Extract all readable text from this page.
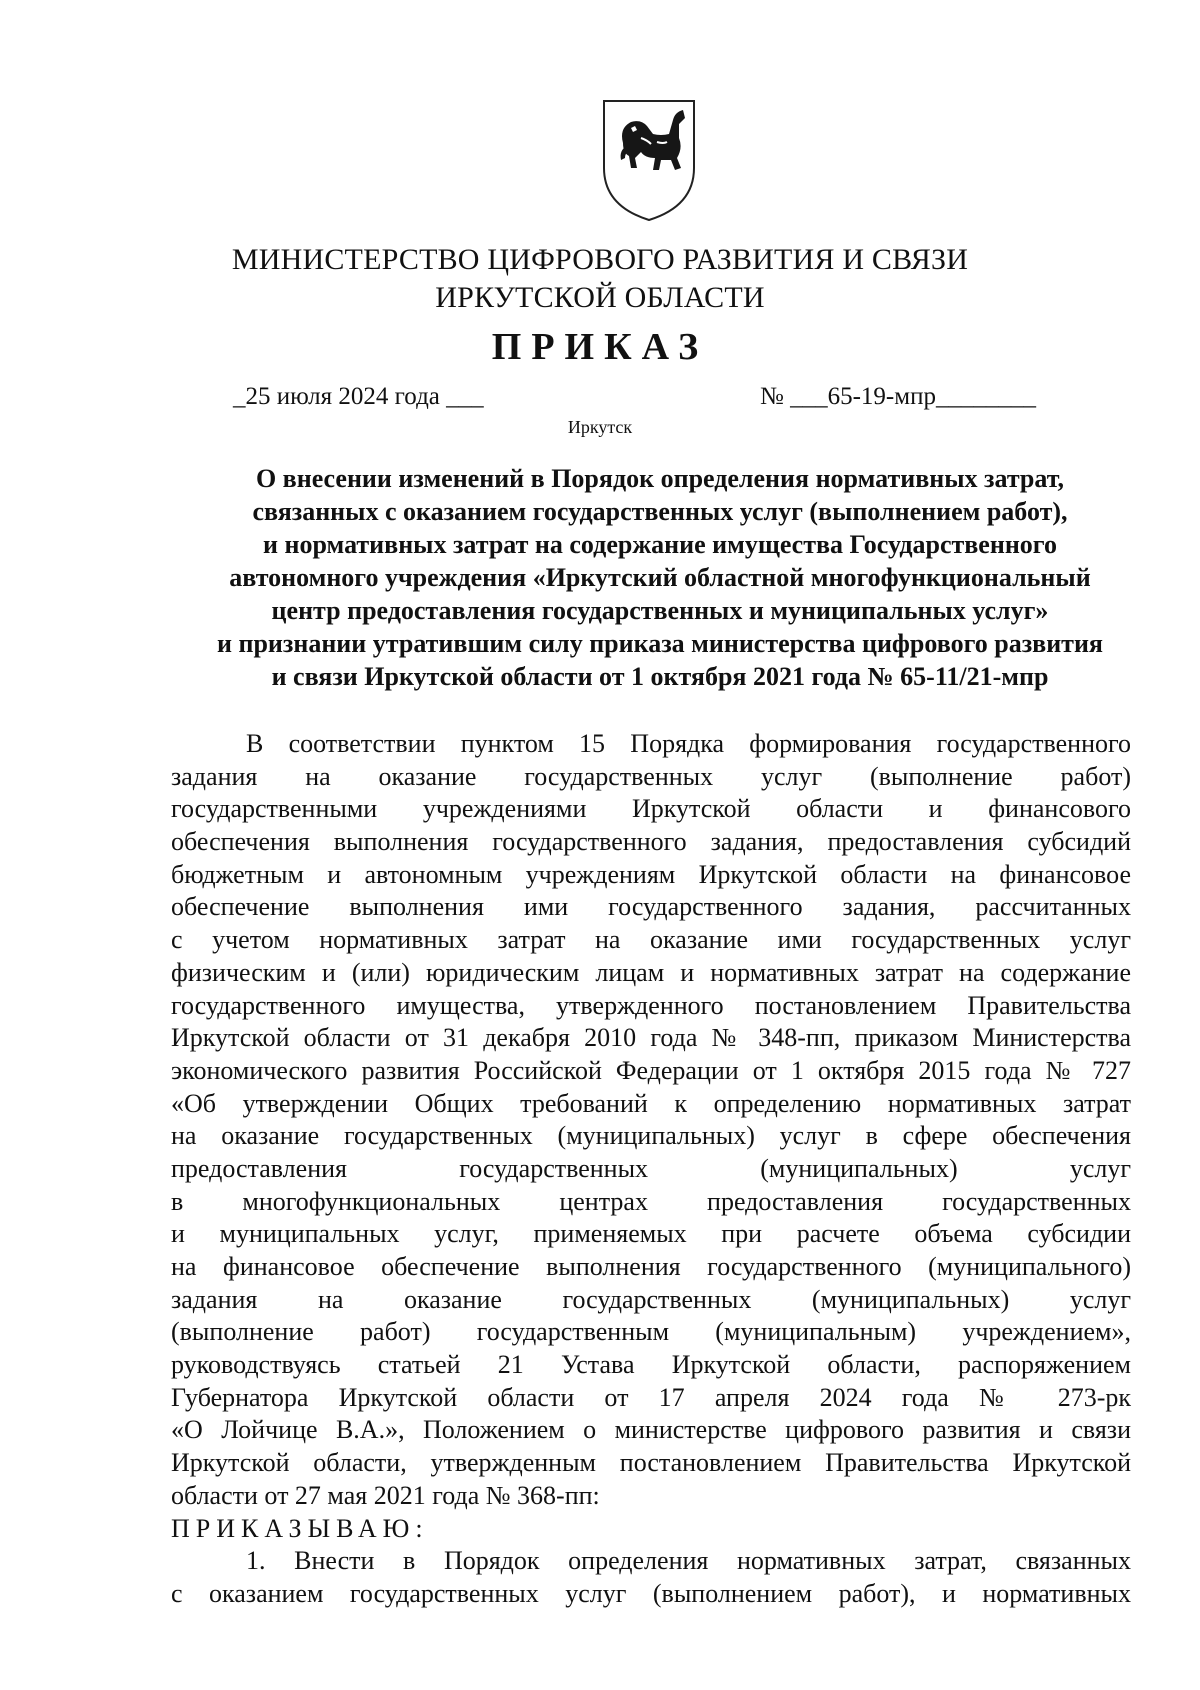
МИНИСТЕРСТВО ЦИФРОВОГО РАЗВИТИЯ И СВЯЗИ
ИРКУТСКОЙ ОБЛАСТИ
ПРИКАЗ
_25 июля 2024 года ___	№ ___65-19-мпр________
Иркутск
О внесении изменений в Порядок определения нормативных затрат,
связанных с оказанием государственных услуг (выполнением работ),
и нормативных затрат на содержание имущества Государственного
автономного учреждения «Иркутский областной многофункциональный
центр предоставления государственных и муниципальных услуг»
и признании утратившим силу приказа министерства цифрового развития
и связи Иркутской области от 1 октября 2021 года № 65-11/21-мпр
В соответствии пунктом 15 Порядка формирования государственного
задания на оказание государственных услуг (выполнение работ)
государственными учреждениями Иркутской области и финансового
обеспечения выполнения государственного задания, предоставления субсидий
бюджетным и автономным учреждениям Иркутской области на финансовое
обеспечение выполнения ими государственного задания, рассчитанных
с учетом нормативных затрат на оказание ими государственных услуг
физическим и (или) юридическим лицам и нормативных затрат на содержание
государственного имущества, утвержденного постановлением Правительства
Иркутской области от 31 декабря 2010 года № 348-пп, приказом Министерства
экономического развития Российской Федерации от 1 октября 2015 года № 727
«Об утверждении Общих требований к определению нормативных затрат
на оказание государственных (муниципальных) услуг в сфере обеспечения
предоставления государственных (муниципальных) услуг
в многофункциональных центрах предоставления государственных
и муниципальных услуг, применяемых при расчете объема субсидии
на финансовое обеспечение выполнения государственного (муниципального)
задания на оказание государственных (муниципальных) услуг
(выполнение работ) государственным (муниципальным) учреждением»,
руководствуясь статьей 21 Устава Иркутской области, распоряжением
Губернатора Иркутской области от 17 апреля 2024 года № 273-рк
«О Лойчице В.А.», Положением о министерстве цифрового развития и связи
Иркутской области, утвержденным постановлением Правительства Иркутской
области от 27 мая 2021 года № 368-пп:
ПРИКАЗЫВАЮ:
1. Внести в Порядок определения нормативных затрат, связанных
с оказанием государственных услуг (выполнением работ), и нормативных
